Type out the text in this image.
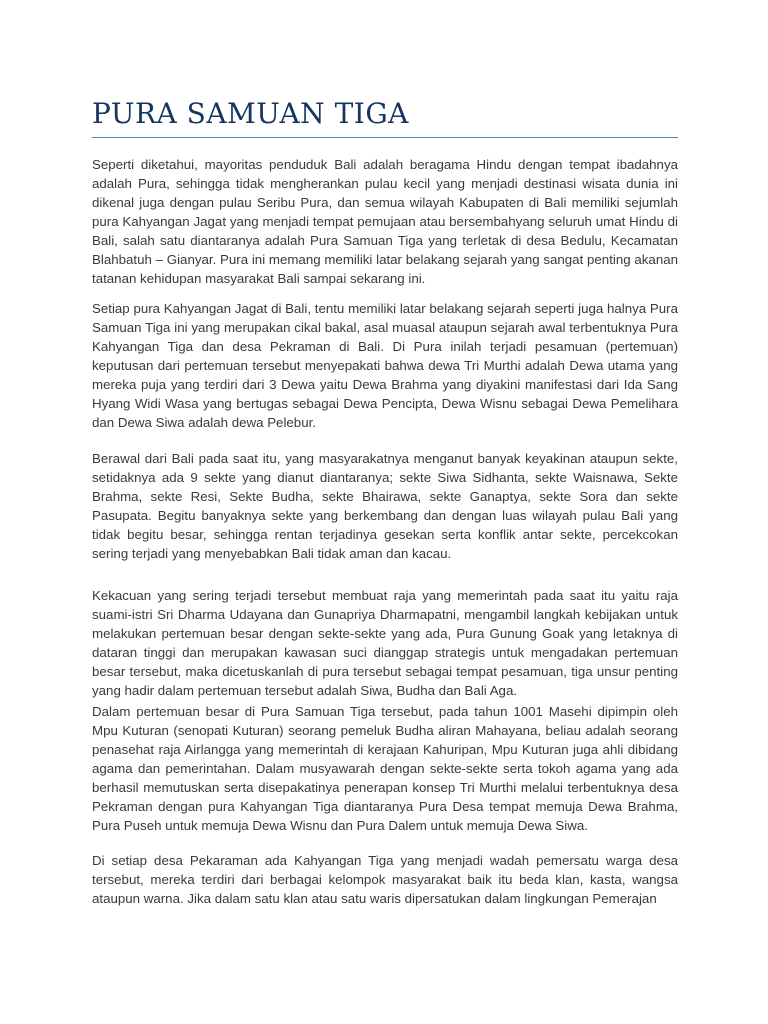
PURA SAMUAN TIGA

Seperti diketahui, mayoritas penduduk Bali adalah beragama Hindu dengan tempat ibadahnya adalah Pura, sehingga tidak mengherankan pulau kecil yang menjadi destinasi wisata dunia ini dikenal juga dengan pulau Seribu Pura, dan semua wilayah Kabupaten di Bali memiliki sejumlah pura Kahyangan Jagat yang menjadi tempat pemujaan atau bersembahyang seluruh umat Hindu di Bali, salah satu diantaranya adalah Pura Samuan Tiga yang terletak di desa Bedulu, Kecamatan Blahbatuh – Gianyar. Pura ini memang memiliki latar belakang sejarah yang sangat penting akanan tatanan kehidupan masyarakat Bali sampai sekarang ini.

Setiap pura Kahyangan Jagat di Bali, tentu memiliki latar belakang sejarah seperti juga halnya Pura Samuan Tiga ini yang merupakan cikal bakal, asal muasal ataupun sejarah awal terbentuknya Pura Kahyangan Tiga dan desa Pekraman di Bali. Di Pura inilah terjadi pesamuan (pertemuan) keputusan dari pertemuan tersebut menyepakati bahwa dewa Tri Murthi adalah Dewa utama yang mereka puja yang terdiri dari 3 Dewa yaitu Dewa Brahma yang diyakini manifestasi dari Ida Sang Hyang Widi Wasa yang bertugas sebagai Dewa Pencipta, Dewa Wisnu sebagai Dewa Pemelihara dan Dewa Siwa adalah dewa Pelebur.

Berawal dari Bali pada saat itu, yang masyarakatnya menganut banyak keyakinan ataupun sekte, setidaknya ada 9 sekte yang dianut diantaranya; sekte Siwa Sidhanta, sekte Waisnawa, Sekte Brahma, sekte Resi, Sekte Budha, sekte Bhairawa, sekte Ganaptya, sekte Sora dan sekte Pasupata. Begitu banyaknya sekte yang berkembang dan dengan luas wilayah pulau Bali yang tidak begitu besar, sehingga rentan terjadinya gesekan serta konflik antar sekte, percekcokan sering terjadi yang menyebabkan Bali tidak aman dan kacau.

Kekacuan yang sering terjadi tersebut membuat raja yang memerintah pada saat itu yaitu raja suami-istri Sri Dharma Udayana dan Gunapriya Dharmapatni, mengambil langkah kebijakan untuk melakukan pertemuan besar dengan sekte-sekte yang ada, Pura Gunung Goak yang letaknya di dataran tinggi dan merupakan kawasan suci dianggap strategis untuk mengadakan pertemuan besar tersebut, maka dicetuskanlah di pura tersebut sebagai tempat pesamuan, tiga unsur penting yang hadir dalam pertemuan tersebut adalah Siwa, Budha dan Bali Aga.

Dalam pertemuan besar di Pura Samuan Tiga tersebut, pada tahun 1001 Masehi dipimpin oleh Mpu Kuturan (senopati Kuturan) seorang pemeluk Budha aliran Mahayana, beliau adalah seorang penasehat raja Airlangga yang memerintah di kerajaan Kahuripan, Mpu Kuturan juga ahli dibidang agama dan pemerintahan. Dalam musyawarah dengan sekte-sekte serta tokoh agama yang ada berhasil memutuskan serta disepakatinya penerapan konsep Tri Murthi melalui terbentuknya desa Pekraman dengan pura Kahyangan Tiga diantaranya Pura Desa tempat memuja Dewa Brahma, Pura Puseh untuk memuja Dewa Wisnu dan Pura Dalem untuk memuja Dewa Siwa.

Di setiap desa Pekaraman ada Kahyangan Tiga yang menjadi wadah pemersatu warga desa tersebut, mereka terdiri dari berbagai kelompok masyarakat baik itu beda klan, kasta, wangsa ataupun warna. Jika dalam satu klan atau satu waris dipersatukan dalam lingkungan Pemerajan
